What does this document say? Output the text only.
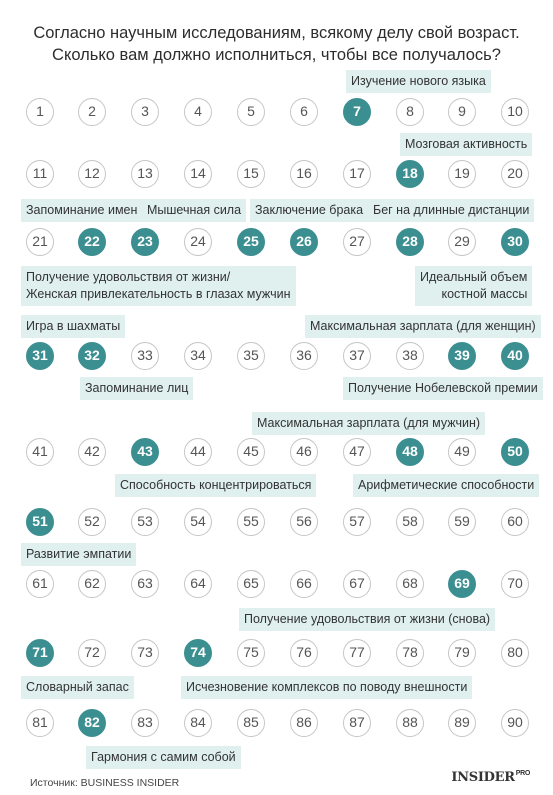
Согласно научным исследованиям, всякому делу свой возраст.
Сколько вам должно исполниться, чтобы все получалось?
1	2	3	4	5	6	7	8	9	10
11	12	13	14	15	16	17	18	19	20
21	22	23	24	25	26	27	28	29	30
31	32	33	34	35	36	37	38	39	40
41	42	43	44	45	46	47	48	49	50
51	52	53	54	55	56	57	58	59	60
61	62	63	64	65	66	67	68	69	70
71	72	73	74	75	76	77	78	79	80
81	82	83	84	85	86	87	88	89	90
Изучение нового языка
Мозговая активность
Запоминание имен Мышечная сила	Заключение брака Бег на длинные дистанции
Получение удовольствия от жизни/
Женская привлекательность в глазах мужчин
Идеальный объем
костной массы
Игра в шахматы	Максимальная зарплата (для женщин)
Запоминание лиц	Получение Нобелевской премии
Максимальная зарплата (для мужчин)
Способность концентрироваться	Арифметические способности
Развитие эмпатии
Получение удовольствия от жизни (снова)
Словарный запас	Исчезновение комплексов по поводу внешности
Гармония с самим собой
Источник: BUSINESS INSIDER	$INSIDER^{PRO}$
